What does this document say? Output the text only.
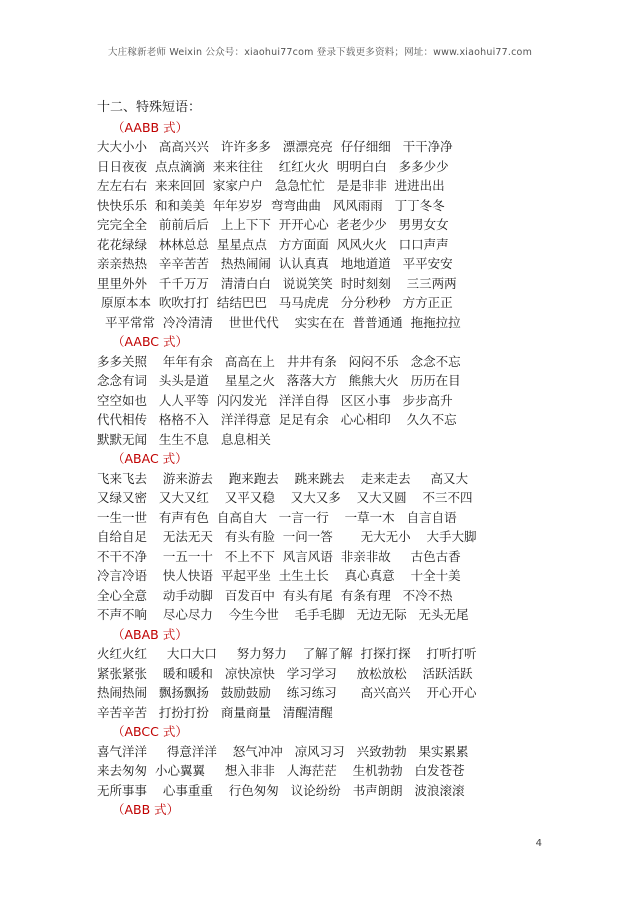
大庄稼新老师 Weixin 公众号：xiaohui77com 登录下载更多资料；网址：www.xiaohui77.com
十二、特殊短语：
（AABB 式）
大大小小   高高兴兴   许许多多   漂漂亮亮  仔仔细细   干干净净
日日夜夜  点点滴滴  来来往往    红红火火  明明白白   多多少少
左左右右  来来回回  家家户户   急急忙忙   是是非非  进进出出
快快乐乐  和和美美  年年岁岁  弯弯曲曲   风风雨雨   丁丁冬冬
完完全全   前前后后   上上下下  开开心心  老老少少   男男女女
花花绿绿   林林总总  星星点点   方方面面  风风火火   口口声声
亲亲热热   辛辛苦苦   热热闹闹  认认真真   地地道道   平平安安
里里外外   千千万万   清清白白   说说笑笑  时时刻刻    三三两两
原原本本  吹吹打打  结结巴巴   马马虎虎   分分秒秒   方方正正
平平常常  冷冷清清    世世代代    实实在在  普普通通  拖拖拉拉
（AABC 式）
多多关照    年年有余   高高在上   井井有条   闷闷不乐   念念不忘
念念有词   头头是道    星星之火   落落大方   熊熊大火   历历在目
空空如也   人人平等  闪闪发光   洋洋自得   区区小事   步步高升
代代相传   格格不入   洋洋得意  足足有余   心心相印    久久不忘
默默无闻   生生不息   息息相关
（ABAC 式）
飞来飞去    游来游去    跑来跑去    跳来跳去    走来走去     高又大
又绿又密   又大又红    又平又稳    又大又多    又大又圆    不三不四
一生一世   有声有色  自高自大   一言一行    一草一木   自言自语
自给自足    无法无天   有头有脸  一问一答       无大无小    大手大脚
不干不净    一五一十   不上不下  风言风语  非亲非故     古色古香
冷言冷语    快人快语  平起平坐  土生土长    真心真意    十全十美
全心全意    动手动脚   百发百中  有头有尾  有条有理   不冷不热
不声不响    尽心尽力    今生今世    毛手毛脚   无边无际   无头无尾
（ABAB 式）
火红火红     大口大口     努力努力    了解了解  打探打探    打听打听
紧张紧张    暖和暖和   凉快凉快   学习学习     放松放松    活跃活跃
热闹热闹   飘扬飘扬   鼓励鼓励    练习练习      高兴高兴    开心开心
辛苦辛苦   打扮打扮   商量商量   清醒清醒
（ABCC 式）
喜气洋洋     得意洋洋    怒气冲冲   凉风习习   兴致勃勃   果实累累
来去匆匆  小心翼翼     想入非非   人海茫茫    生机勃勃   白发苍苍
无所事事    心事重重    行色匆匆   议论纷纷   书声朗朗   波浪滚滚
（ABB 式）
4
